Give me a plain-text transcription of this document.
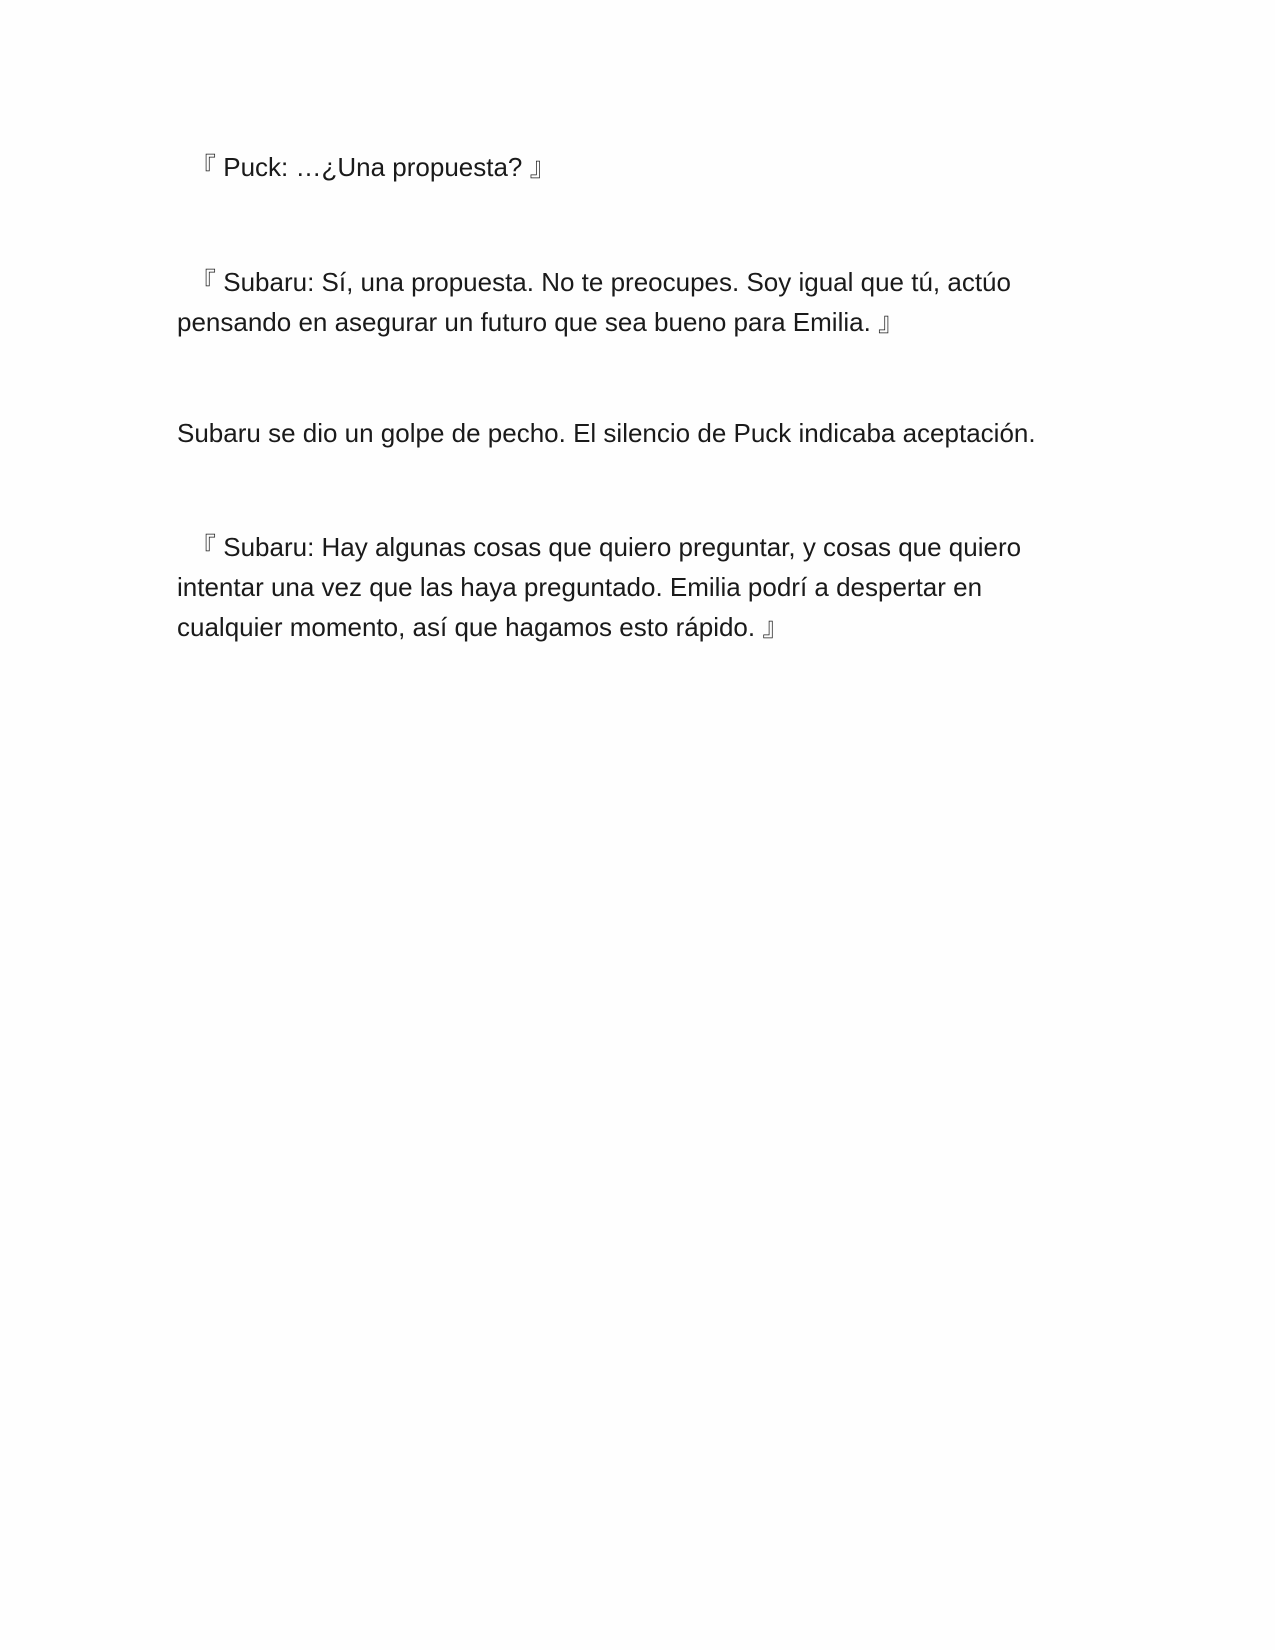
　『 Puck: …¿Una propuesta? 』

　『 Subaru: Sí, una propuesta. No te preocupes. Soy igual que tú, actúo
pensando en asegurar un futuro que sea bueno para Emilia. 』

Subaru se dio un golpe de pecho. El silencio de Puck indicaba aceptación.

　『 Subaru: Hay algunas cosas que quiero preguntar, y cosas que quiero
intentar una vez que las haya preguntado. Emilia podrí a despertar en
cualquier momento, así que hagamos esto rápido. 』
